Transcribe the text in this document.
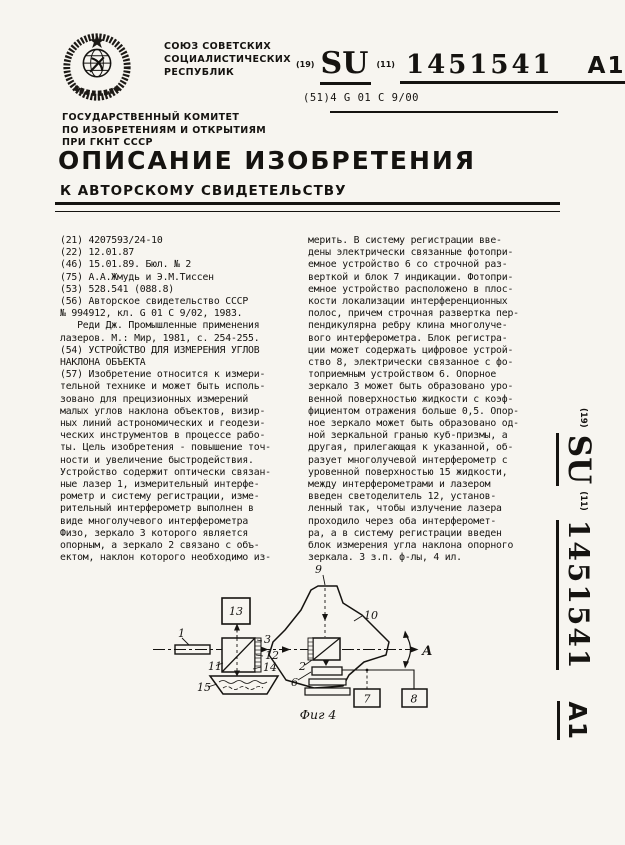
СОЮЗ СОВЕТСКИХ
СОЦИАЛИСТИЧЕСКИХ
РЕСПУБЛИК
$^{(19)}$ SU $^{(11)}$ 1451541 A1
(51)4 G 01 C 9/00
ГОСУДАРСТВЕННЫЙ КОМИТЕТ
ПО ИЗОБРЕТЕНИЯМ И ОТКРЫТИЯМ
ПРИ ГКНТ СССР
ОПИСАНИЕ ИЗОБРЕТЕНИЯ
К АВТОРСКОМУ СВИДЕТЕЛЬСТВУ
(21) 4207593/24-10
(22) 12.01.87
(46) 15.01.89. Бюл. № 2
(75) А.А.Жмудь и Э.М.Тиссен
(53) 528.541 (088.8)
(56) Авторское свидетельство СССР
№ 994912, кл. G 01 C 9/02, 1983.
Реди Дж. Промышленные применения
лазеров. М.: Мир, 1981, с. 254-255.
(54) УСТРОЙСТВО ДЛЯ ИЗМЕРЕНИЯ УГЛОВ
НАКЛОНА ОБЪЕКТА
(57) Изобретение относится к измери-
тельной технике и может быть исполь-
зовано для прецизионных измерений
малых углов наклона объектов, визир-
ных линий астрономических и геодези-
ческих инструментов в процессе рабо-
ты. Цель изобретения - повышение точ-
ности и увеличение быстродействия.
Устройство содержит оптически связан-
ные лазер 1, измерительный интерфе-
рометр и систему регистрации, изме-
рительный интерферометр выполнен в
виде многолучевого интерферометра
Физо, зеркало 3 которого является
опорным, а зеркало 2 связано с объ-
ектом, наклон которого необходимо из-
мерить. В систему регистрации вве-
дены электрически связанные фотопри-
емное устройство 6 со строчной раз-
верткой и блок 7 индикации. Фотопри-
емное устройство расположено в плос-
кости локализации интерференционных
полос, причем строчная развертка пер-
пендикулярна ребру клина многолуче-
вого интерферометра. Блок регистра-
ции может содержать цифровое устрой-
ство 8, электрически связанное с фо-
топриемным устройством 6. Опорное
зеркало 3 может быть образовано уро-
венной поверхностью жидкости с коэф-
фициентом отражения больше 0,5. Опор-
ное зеркало может быть образовано од-
ной зеркальной гранью куб-призмы, а
другая, прилегающая к указанной, об-
разует многолучевой интерферометр с
уровенной поверхностью 15 жидкости,
между интерферометрами и лазером
введен светоделитель 12, установ-
ленный так, чтобы излучение лазера
проходило через оба интерферомет-
ра, а в систему регистрации введен
блок измерения угла наклона опорного
зеркала. 3 з.п. ф-лы, 4 ил.
$^{(19)}$ SU $^{(11)}$ 1451541 А1
13
1	3
12
14
11
15
10
9
2
6
7	8
А
Фиг 4
